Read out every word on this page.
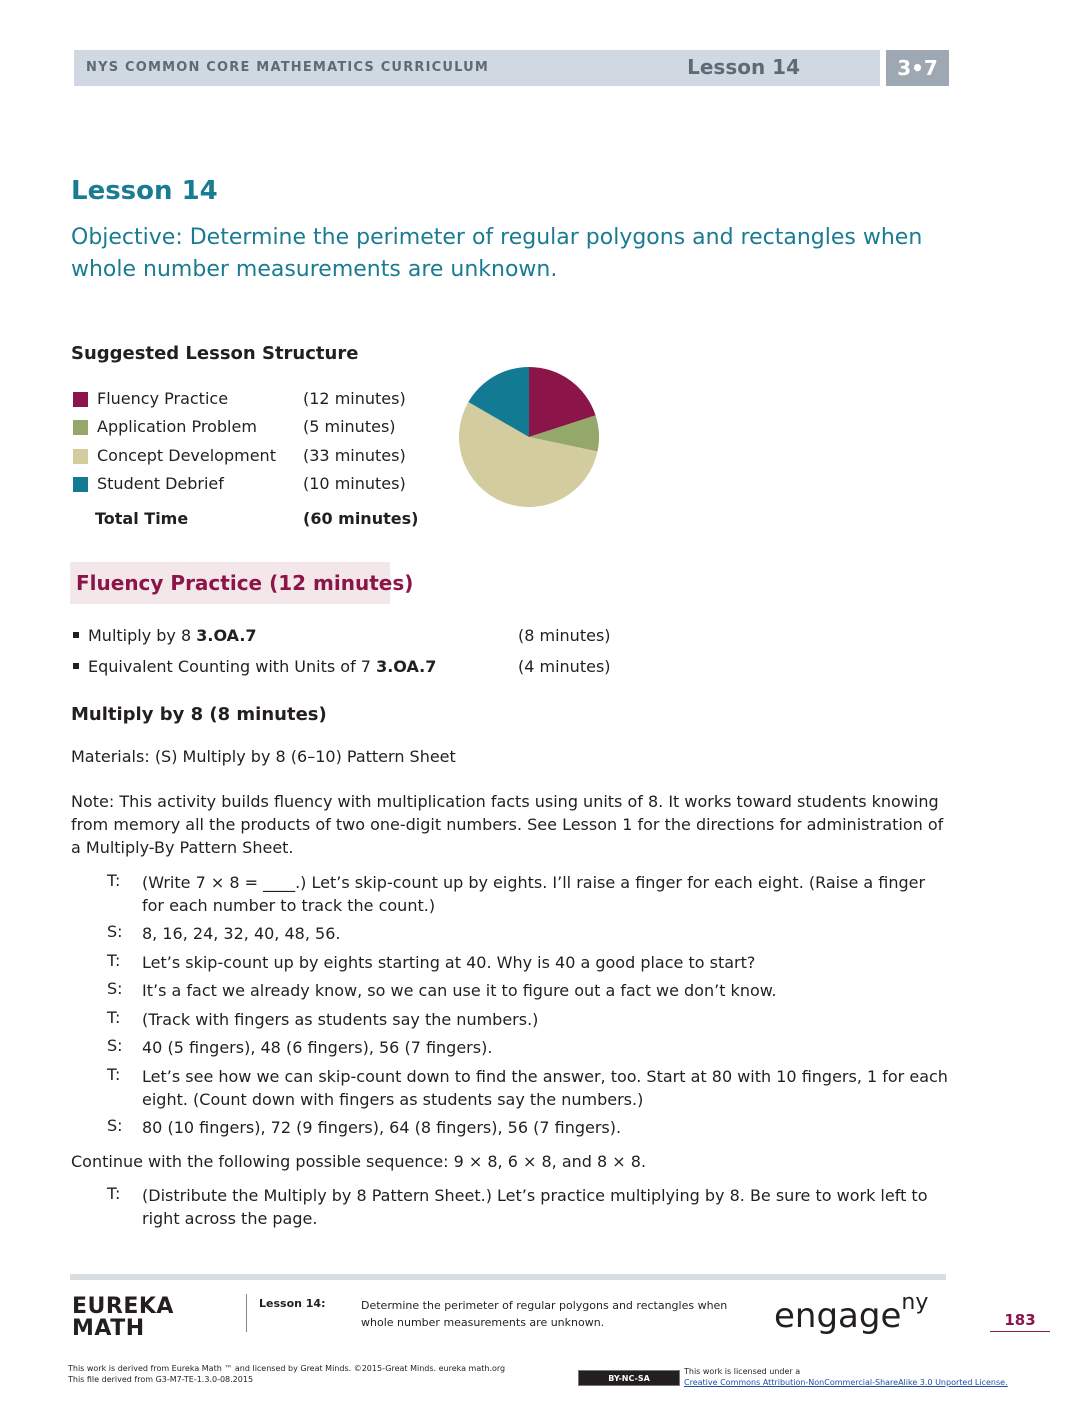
NYS COMMON CORE MATHEMATICS CURRICULUM	Lesson 14	3•7
Lesson 14
Objective: Determine the perimeter of regular polygons and rectangles when whole number measurements are unknown.
Suggested Lesson Structure
Fluency Practice	(12 minutes)
Application Problem	(5 minutes)
Concept Development (33 minutes)
Student Debrief	(10 minutes)
Total Time	(60 minutes)
Fluency Practice (12 minutes)
Multiply by 8 3.OA.7	(8 minutes)
Equivalent Counting with Units of 7 3.OA.7	(4 minutes)
Multiply by 8 (8 minutes)
Materials: (S) Multiply by 8 (6–10) Pattern Sheet
Note: This activity builds fluency with multiplication facts using units of 8. It works toward students knowing from memory all the products of two one-digit numbers. See Lesson 1 for the directions for administration of a Multiply-By Pattern Sheet.
T: (Write 7 × 8 = ____.) Let’s skip-count up by eights. I’ll raise a finger for each eight. (Raise a finger for each number to track the count.)
S: 8, 16, 24, 32, 40, 48, 56.
T: Let’s skip-count up by eights starting at 40. Why is 40 a good place to start?
S: It’s a fact we already know, so we can use it to figure out a fact we don’t know.
T: (Track with fingers as students say the numbers.)
S: 40 (5 fingers), 48 (6 fingers), 56 (7 fingers).
T: Let’s see how we can skip-count down to find the answer, too. Start at 80 with 10 fingers, 1 for each eight. (Count down with fingers as students say the numbers.)
S: 80 (10 fingers), 72 (9 fingers), 64 (8 fingers), 56 (7 fingers).
Continue with the following possible sequence: 9 × 8, 6 × 8, and 8 × 8.
T: (Distribute the Multiply by 8 Pattern Sheet.) Let’s practice multiplying by 8. Be sure to work left to right across the page.
EUREKA
MATH
Lesson 14:	Determine the perimeter of regular polygons and rectangles when whole number measurements are unknown.	engage$^{ny}$
183
This work is derived from Eureka Math ™ and licensed by Great Minds. ©2015-Great Minds. eureka math.org
This file derived from G3-M7-TE-1.3.0-08.2015	BY-NC-SA
This work is licensed under a
Creative Commons Attribution-NonCommercial-ShareAlike 3.0 Unported License.
